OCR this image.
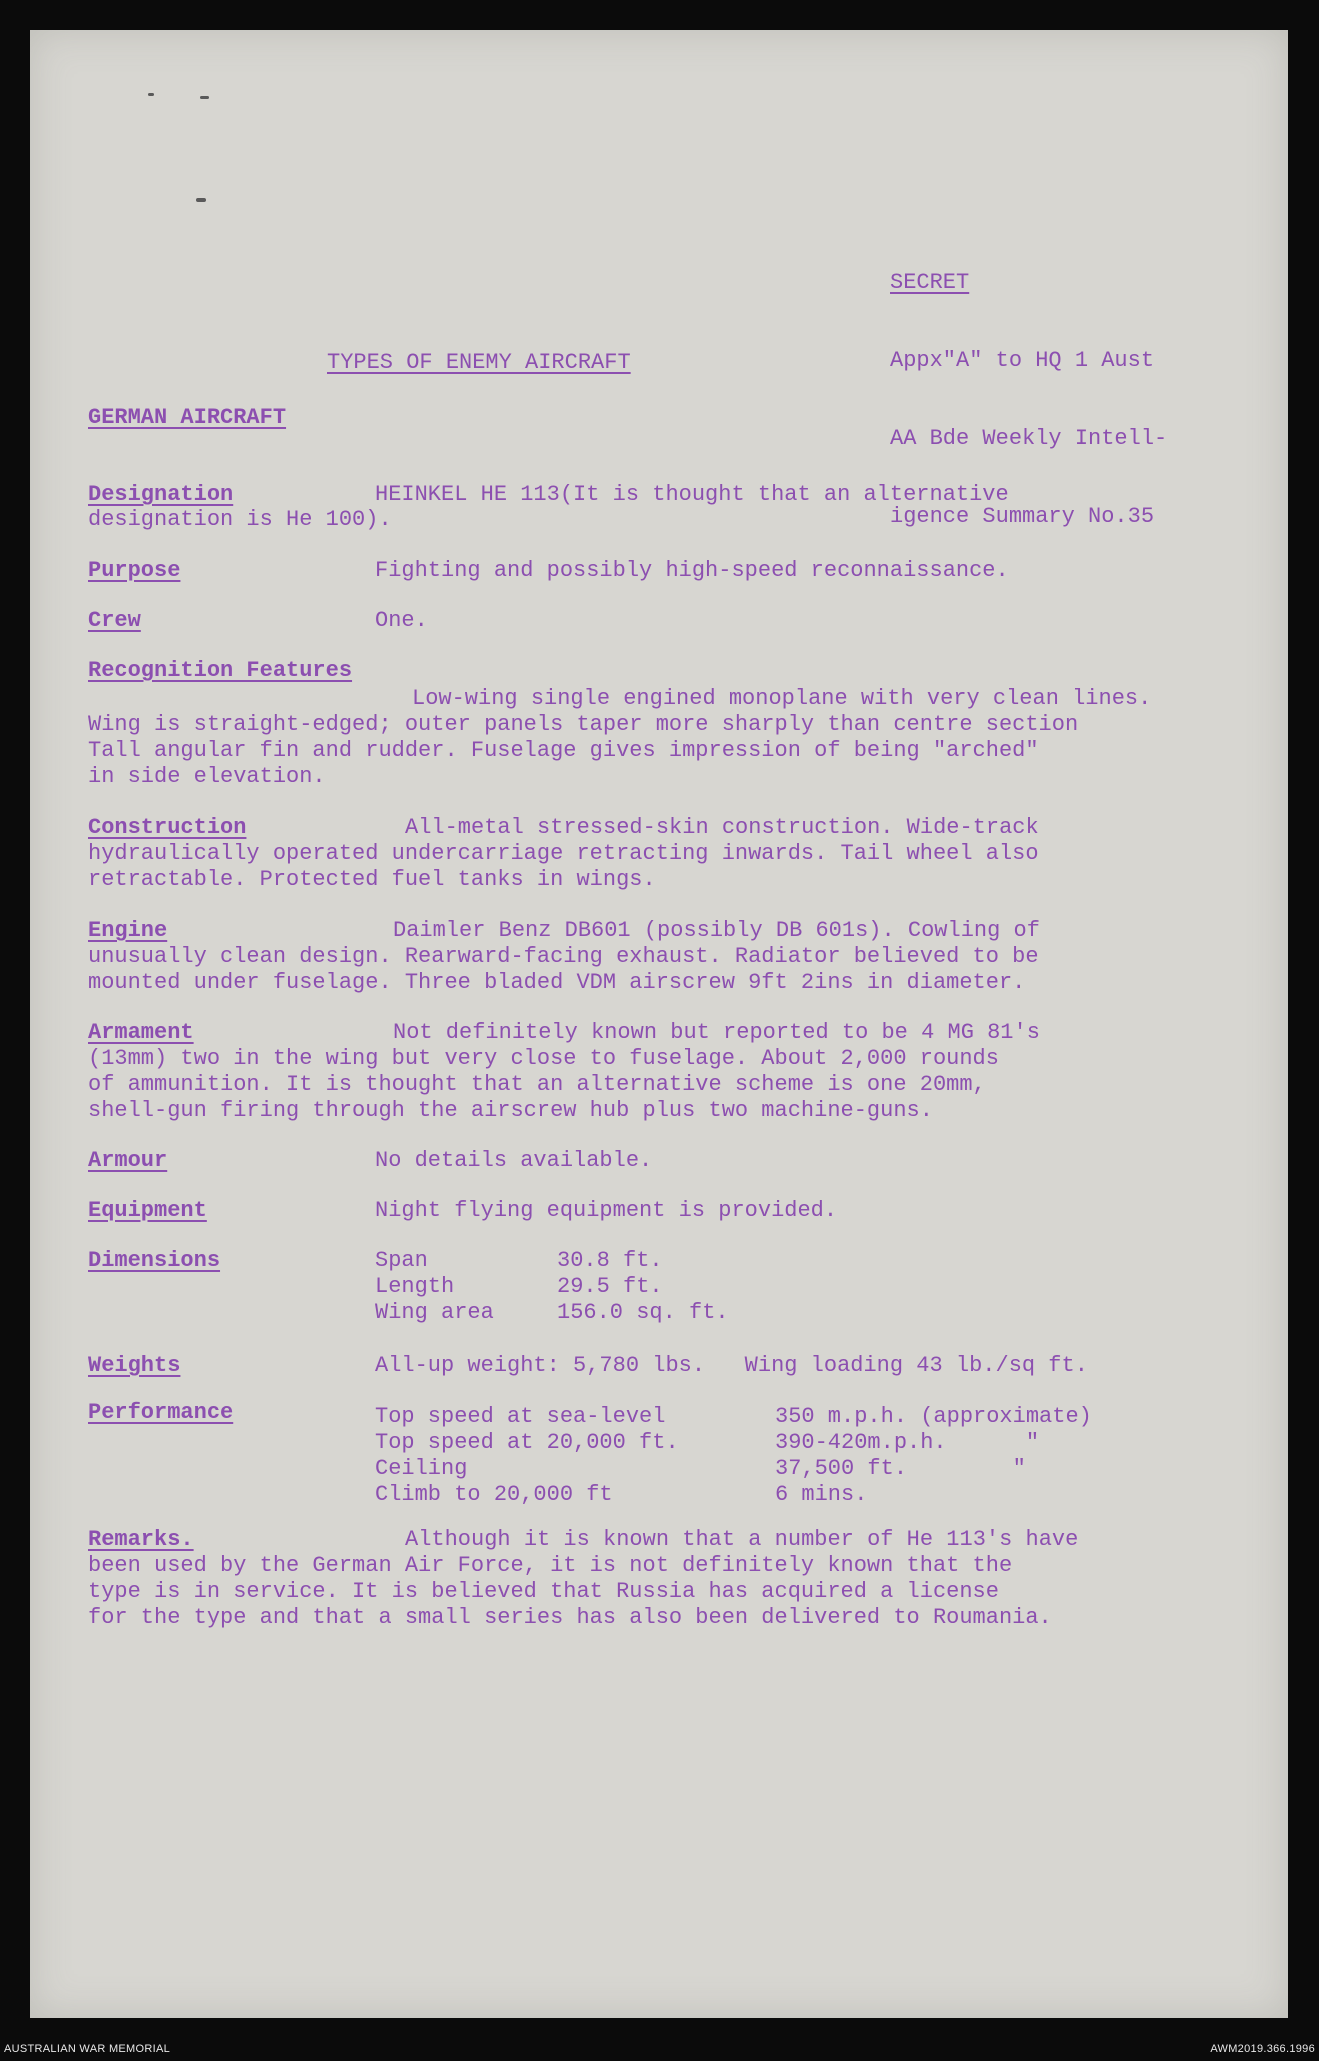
SECRET

Appx"A" to HQ 1 Aust

AA Bde Weekly Intell-

igence Summary No.35

TYPES OF ENEMY AIRCRAFT
GERMAN AIRCRAFT
Designation	HEINKEL HE 113(It is thought that an alternative
designation is He 100).
Purpose	Fighting and possibly high-speed reconnaissance.
Crew	One.
Recognition Features
Low-wing single engined monoplane with very clean lines.
Wing is straight-edged; outer panels taper more sharply than centre section
Tall angular fin and rudder. Fuselage gives impression of being "arched"
in side elevation.
Construction	All-metal stressed-skin construction. Wide-track
hydraulically operated undercarriage retracting inwards. Tail wheel also
retractable. Protected fuel tanks in wings.
Engine	Daimler Benz DB601 (possibly DB 601s). Cowling of
unusually clean design. Rearward-facing exhaust. Radiator believed to be
mounted under fuselage. Three bladed VDM airscrew 9ft 2ins in diameter.
Armament	Not definitely known but reported to be 4 MG 81's
(13mm) two in the wing but very close to fuselage. About 2,000 rounds
of ammunition. It is thought that an alternative scheme is one 20mm,
shell-gun firing through the airscrew hub plus two machine-guns.
Armour	No details available.
Equipment	Night flying equipment is provided.
Dimensions	Span	30.8 ft.
Length	29.5 ft.
Wing area	156.0 sq. ft.
Weights	All-up weight: 5,780 lbs.   Wing loading 43 lb./sq ft.
Performance	Top speed at sea-level	350 m.p.h. (approximate)
Top speed at 20,000 ft.	390-420m.p.h.      "
Ceiling	37,500 ft.        "
Climb to 20,000 ft	6 mins.
Remarks.	Although it is known that a number of He 113's have
been used by the German Air Force, it is not definitely known that the
type is in service. It is believed that Russia has acquired a license
for the type and that a small series has also been delivered to Roumania.
AUSTRALIAN WAR MEMORIAL	AWM2019.366.1996
